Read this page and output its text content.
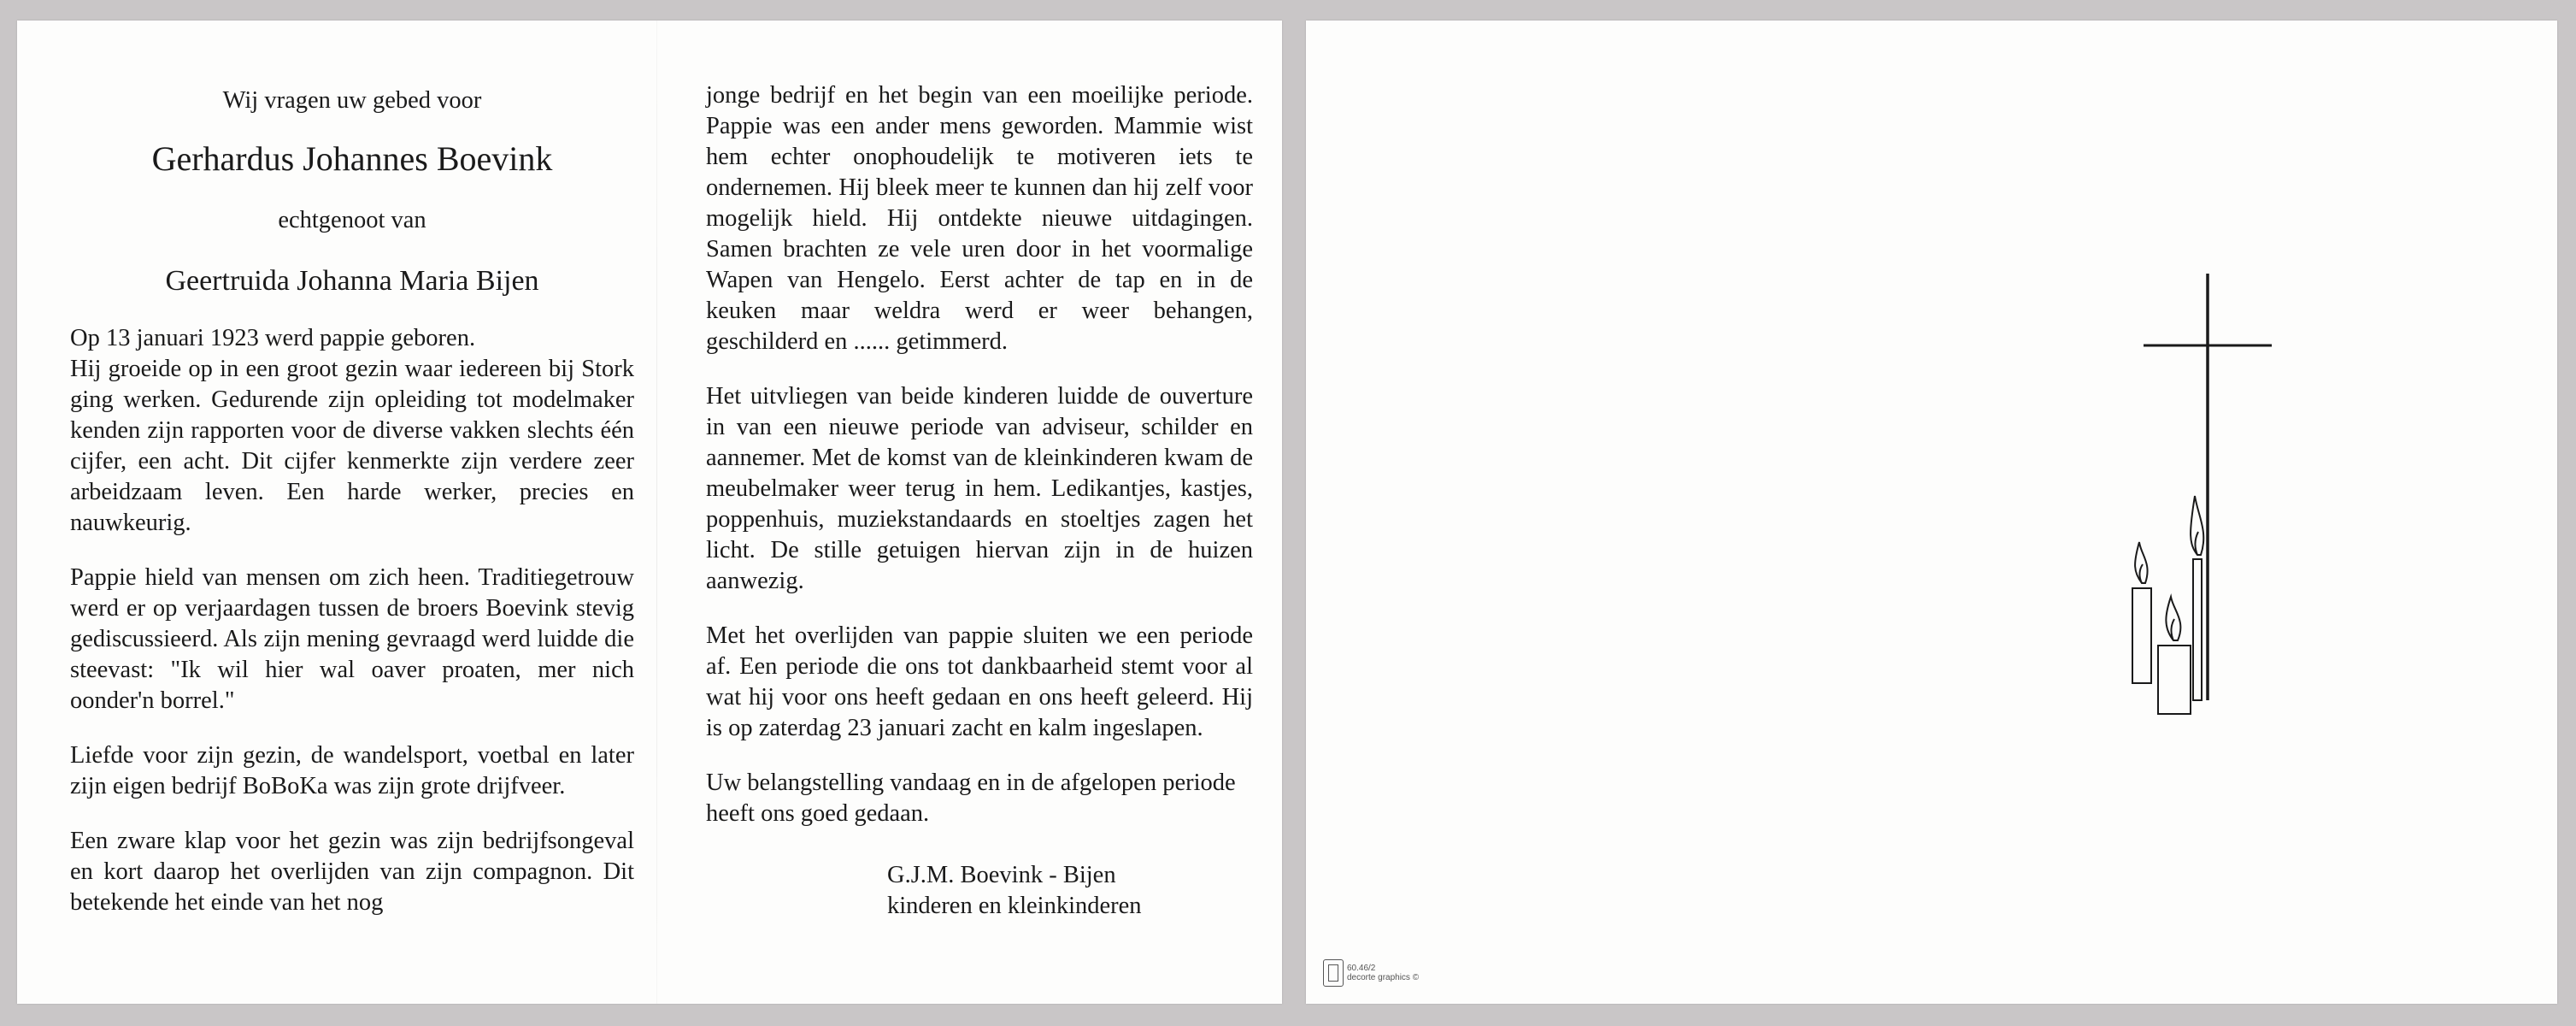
Wij vragen uw gebed voor
Gerhardus Johannes Boevink
echtgenoot van
Geertruida Johanna Maria Bijen
Op 13 januari 1923 werd pappie geboren.

Hij groeide op in een groot gezin waar iedereen bij Stork ging werken. Gedurende zijn opleiding tot modelmaker kenden zijn rapporten voor de diverse vakken slechts één cijfer, een acht. Dit cijfer kenmerkte zijn verdere zeer arbeidzaam leven. Een harde werker, precies en nauwkeurig.

Pappie hield van mensen om zich heen. Traditiegetrouw werd er op verjaardagen tussen de broers Boevink stevig gediscussieerd. Als zijn mening gevraagd werd luidde die steevast: "Ik wil hier wal oaver proaten, mer nich oonder'n borrel."

Liefde voor zijn gezin, de wandelsport, voetbal en later zijn eigen bedrijf BoBoKa was zijn grote drijfveer.

Een zware klap voor het gezin was zijn bedrijfsongeval en kort daarop het overlijden van zijn compagnon. Dit betekende het einde van het nog

jonge bedrijf en het begin van een moeilijke periode. Pappie was een ander mens geworden. Mammie wist hem echter onophoudelijk te motiveren iets te ondernemen. Hij bleek meer te kunnen dan hij zelf voor mogelijk hield. Hij ontdekte nieuwe uitdagingen. Samen brachten ze vele uren door in het voormalige Wapen van Hengelo. Eerst achter de tap en in de keuken maar weldra werd er weer behangen, geschilderd en ...... getimmerd.

Het uitvliegen van beide kinderen luidde de ouverture in van een nieuwe periode van adviseur, schilder en aannemer. Met de komst van de kleinkinderen kwam de meubelmaker weer terug in hem. Ledikantjes, kastjes, poppenhuis, muziekstandaards en stoeltjes zagen het licht. De stille getuigen hiervan zijn in de huizen aanwezig.

Met het overlijden van pappie sluiten we een periode af. Een periode die ons tot dankbaarheid stemt voor al wat hij voor ons heeft gedaan en ons heeft geleerd. Hij is op zaterdag 23 januari zacht en kalm ingeslapen.

Uw belangstelling vandaag en in de afgelopen periode heeft ons goed gedaan.

G.J.M. Boevink - Bijen
kinderen en kleinkinderen
60.46/2
decorte graphics ©
